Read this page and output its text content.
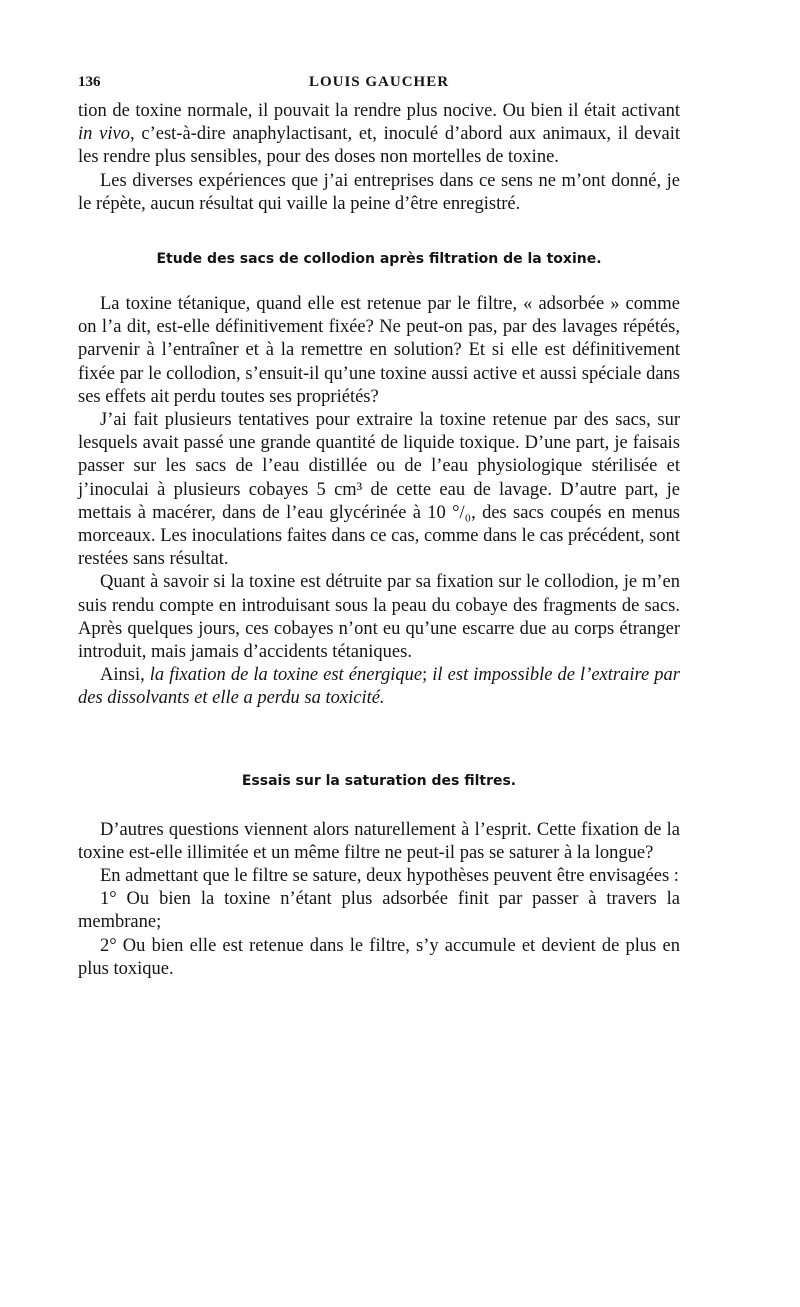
136	LOUIS GAUCHER

tion de toxine normale, il pouvait la rendre plus nocive. Ou bien il était activant in vivo, c’est-à-dire anaphylactisant, et, inoculé d’abord aux animaux, il devait les rendre plus sensibles, pour des doses non mortelles de toxine.

Les diverses expériences que j’ai entreprises dans ce sens ne m’ont donné, je le répète, aucun résultat qui vaille la peine d’être enregistré.

Etude des sacs de collodion après filtration de la toxine.

La toxine tétanique, quand elle est retenue par le filtre, « adsorbée » comme on l’a dit, est-elle définitivement fixée? Ne peut-on pas, par des lavages répétés, parvenir à l’entraîner et à la remettre en solution? Et si elle est définitivement fixée par le collodion, s’ensuit-il qu’une toxine aussi active et aussi spéciale dans ses effets ait perdu toutes ses propriétés?

J’ai fait plusieurs tentatives pour extraire la toxine retenue par des sacs, sur lesquels avait passé une grande quantité de liquide toxique. D’une part, je faisais passer sur les sacs de l’eau distillée ou de l’eau physiologique stérilisée et j’inoculai à plusieurs cobayes 5 cm³ de cette eau de lavage. D’autre part, je mettais à macérer, dans de l’eau glycérinée à 10 °/₀, des sacs coupés en menus morceaux. Les inoculations faites dans ce cas, comme dans le cas précédent, sont restées sans résultat.

Quant à savoir si la toxine est détruite par sa fixation sur le collodion, je m’en suis rendu compte en introduisant sous la peau du cobaye des fragments de sacs. Après quelques jours, ces cobayes n’ont eu qu’une escarre due au corps étranger introduit, mais jamais d’accidents tétaniques.

Ainsi, la fixation de la toxine est énergique; il est impossible de l’extraire par des dissolvants et elle a perdu sa toxicité.

Essais sur la saturation des filtres.

D’autres questions viennent alors naturellement à l’esprit. Cette fixation de la toxine est-elle illimitée et un même filtre ne peut-il pas se saturer à la longue?

En admettant que le filtre se sature, deux hypothèses peuvent être envisagées :

1° Ou bien la toxine n’étant plus adsorbée finit par passer à travers la membrane;

2° Ou bien elle est retenue dans le filtre, s’y accumule et devient de plus en plus toxique.
